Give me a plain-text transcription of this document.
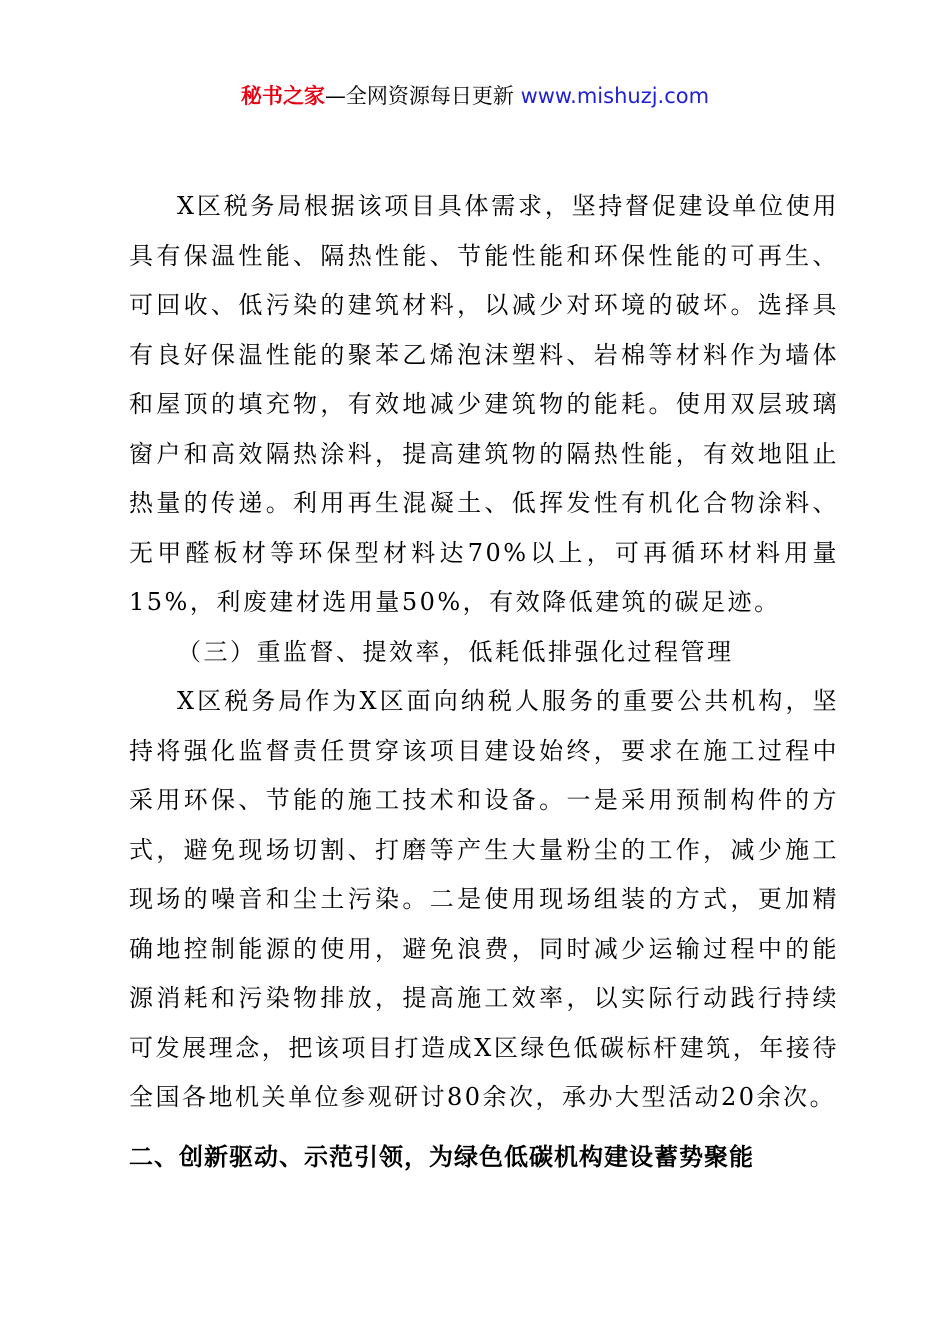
秘书之家—全网资源每日更新 www.mishuzj.com

X区税务局根据该项目具体需求，坚持督促建设单位使用具有保温性能、隔热性能、节能性能和环保性能的可再生、可回收、低污染的建筑材料，以减少对环境的破坏。选择具有良好保温性能的聚苯乙烯泡沫塑料、岩棉等材料作为墙体和屋顶的填充物，有效地减少建筑物的能耗。使用双层玻璃窗户和高效隔热涂料，提高建筑物的隔热性能，有效地阻止热量的传递。利用再生混凝土、低挥发性有机化合物涂料、无甲醛板材等环保型材料达70%以上，可再循环材料用量15%，利废建材选用量50%，有效降低建筑的碳足迹。

（三）重监督、提效率，低耗低排强化过程管理

X区税务局作为X区面向纳税人服务的重要公共机构，坚持将强化监督责任贯穿该项目建设始终，要求在施工过程中采用环保、节能的施工技术和设备。一是采用预制构件的方式，避免现场切割、打磨等产生大量粉尘的工作，减少施工现场的噪音和尘土污染。二是使用现场组装的方式，更加精确地控制能源的使用，避免浪费，同时减少运输过程中的能源消耗和污染物排放，提高施工效率，以实际行动践行持续可发展理念，把该项目打造成X区绿色低碳标杆建筑，年接待全国各地机关单位参观研讨80余次，承办大型活动20余次。

二、创新驱动、示范引领，为绿色低碳机构建设蓄势聚能
